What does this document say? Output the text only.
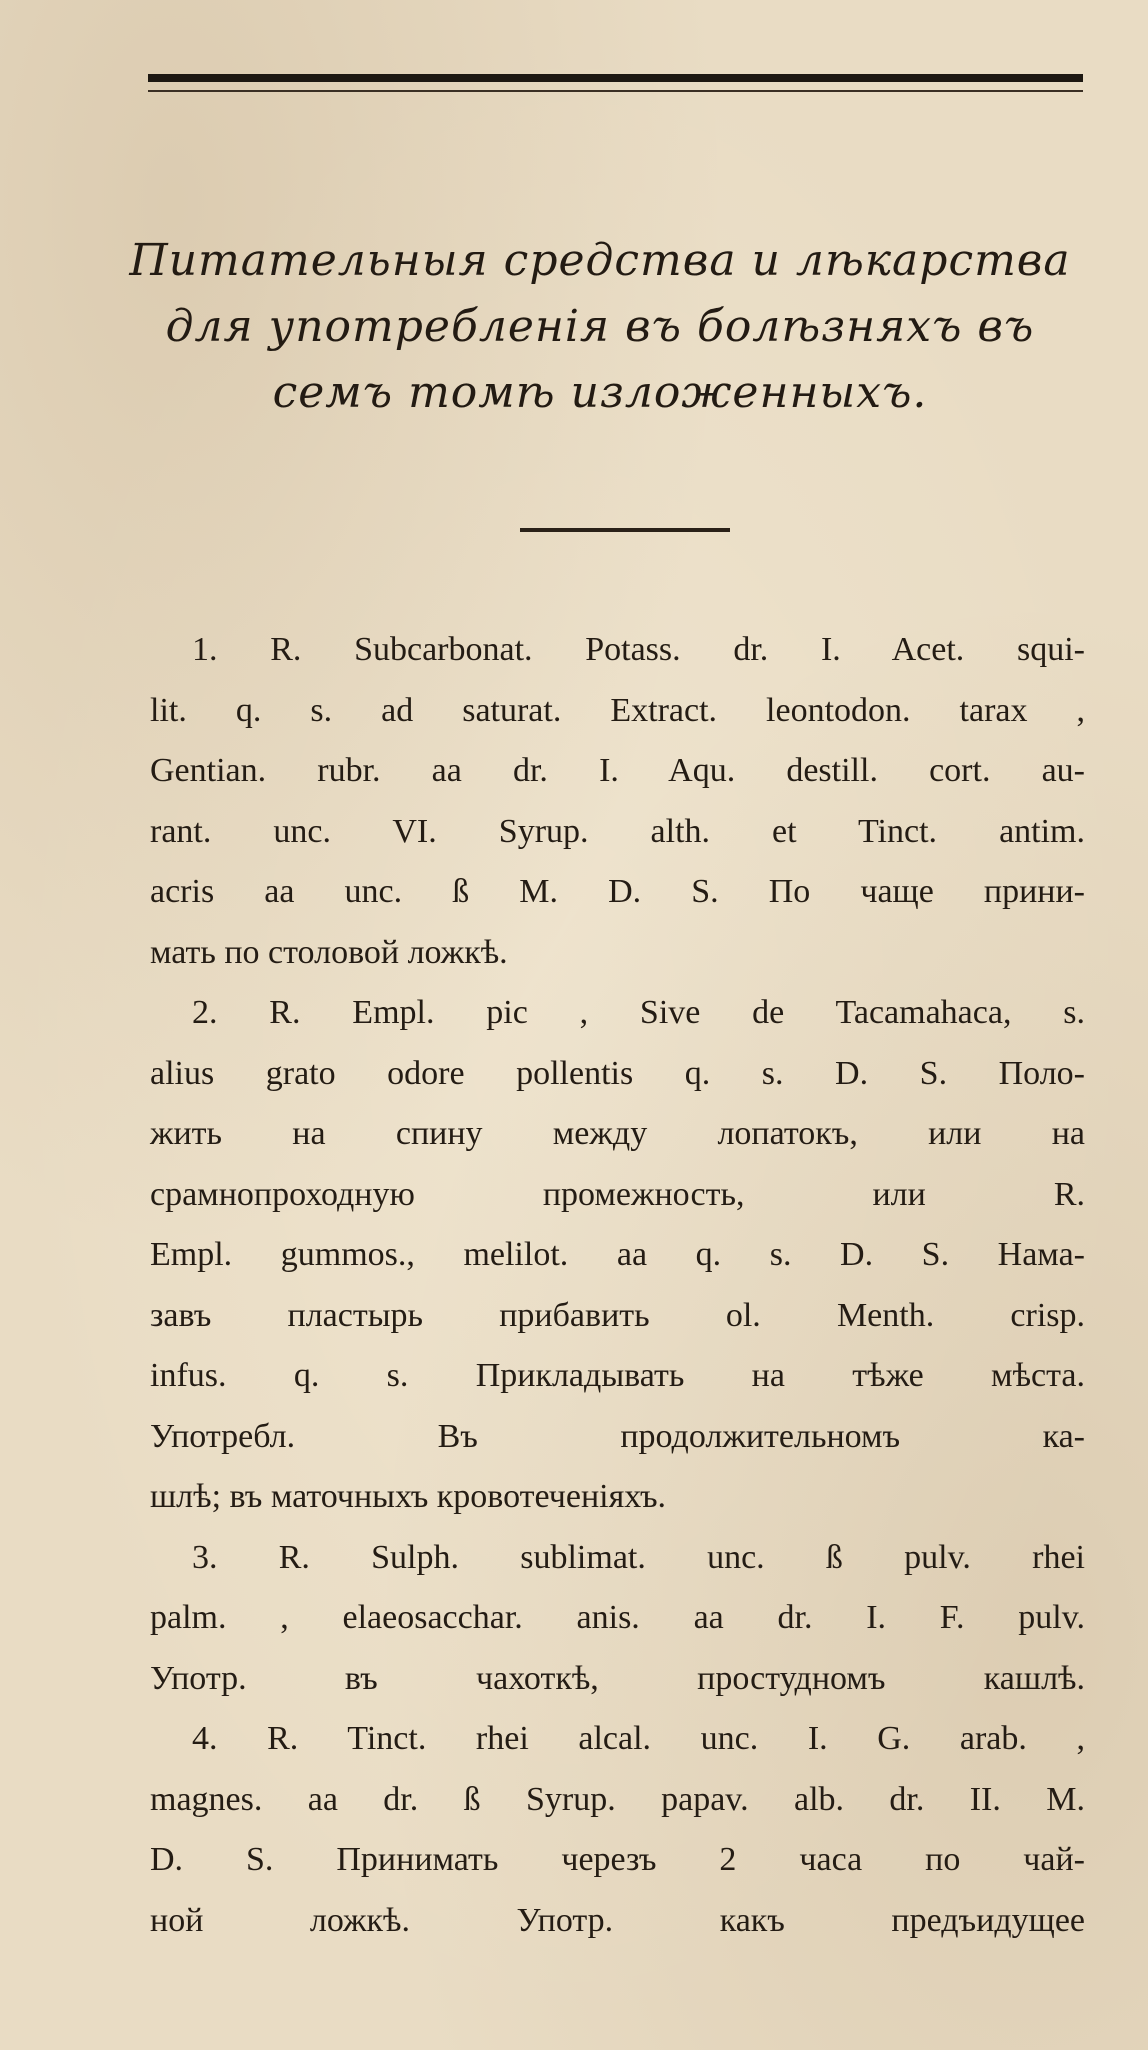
Питательныя средства и лѣкарства
для употребленія въ болѣзняхъ въ
семъ томѣ изложенныхъ.
1. R. Subcarbonat. Potass. dr. I. Acet. squi-
lit. q. s. ad saturat. Extract. leontodon. tarax ,
Gentian. rubr. aa dr. I. Aqu. destill. cort. au-
rant. unc. VI. Syrup. alth. et Tinct. antim.
acris aa unc. ß M. D. S. По чаще прини-
мать по столовой ложкѣ.
2. R. Empl. pic , Sive de Tacamahaca, s.
alius grato odore pollentis q. s. D. S. Поло-
жить на спину между лопатокъ, или на
срамнопроходную промежность, или R.
Empl. gummos., melilot. aa q. s. D. S. Нама-
завъ пластырь прибавить ol. Menth. crisp.
infus. q. s. Прикладывать на тѣже мѣста.
Употребл. Въ продолжительномъ ка-
шлѣ; въ маточныхъ кровотеченіяхъ.
3. R. Sulph. sublimat. unc. ß pulv. rhei
palm. , elaeosacchar. anis. aa dr. I. F. pulv.
Употр. въ чахоткѣ, простудномъ кашлѣ.
4. R. Tinct. rhei alcal. unc. I. G. arab. ,
magnes. aa dr. ß Syrup. papav. alb. dr. II. M.
D. S. Принимать черезъ 2 часа по чай-
ной ложкѣ. Употр. какъ предъидущее
